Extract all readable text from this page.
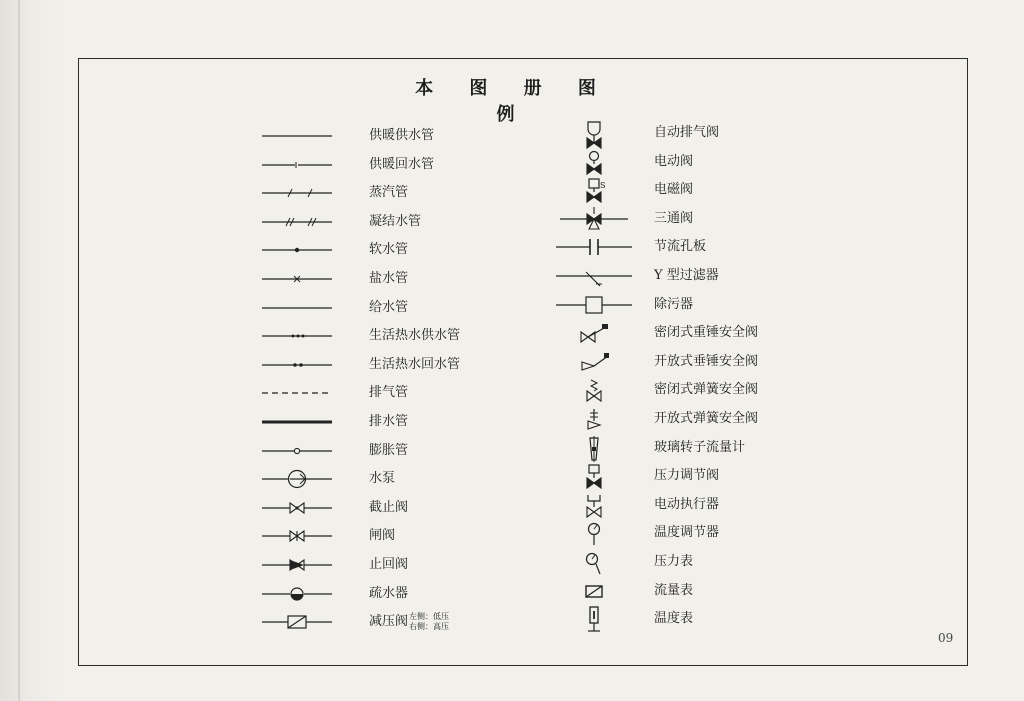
本 图 册 图 例
供暖供水管
供暖回水管
蒸汽管
凝结水管
软水管
盐水管
给水管
生活热水供水管
生活热水回水管
排气管
排水管
膨胀管
水泵
截止阀
闸阀
止回阀
疏水器
减压阀 左侧：低压
右侧：高压
自动排气阀
电动阀
S	电磁阀
三通阀
节流孔板
Y 型过滤器
除污器
密闭式重锤安全阀
开放式垂锤安全阀
密闭式弹簧安全阀
开放式弹簧安全阀
玻璃转子流量计
压力调节阀
电动执行器
温度调节器
压力表
流量表
温度表
09
